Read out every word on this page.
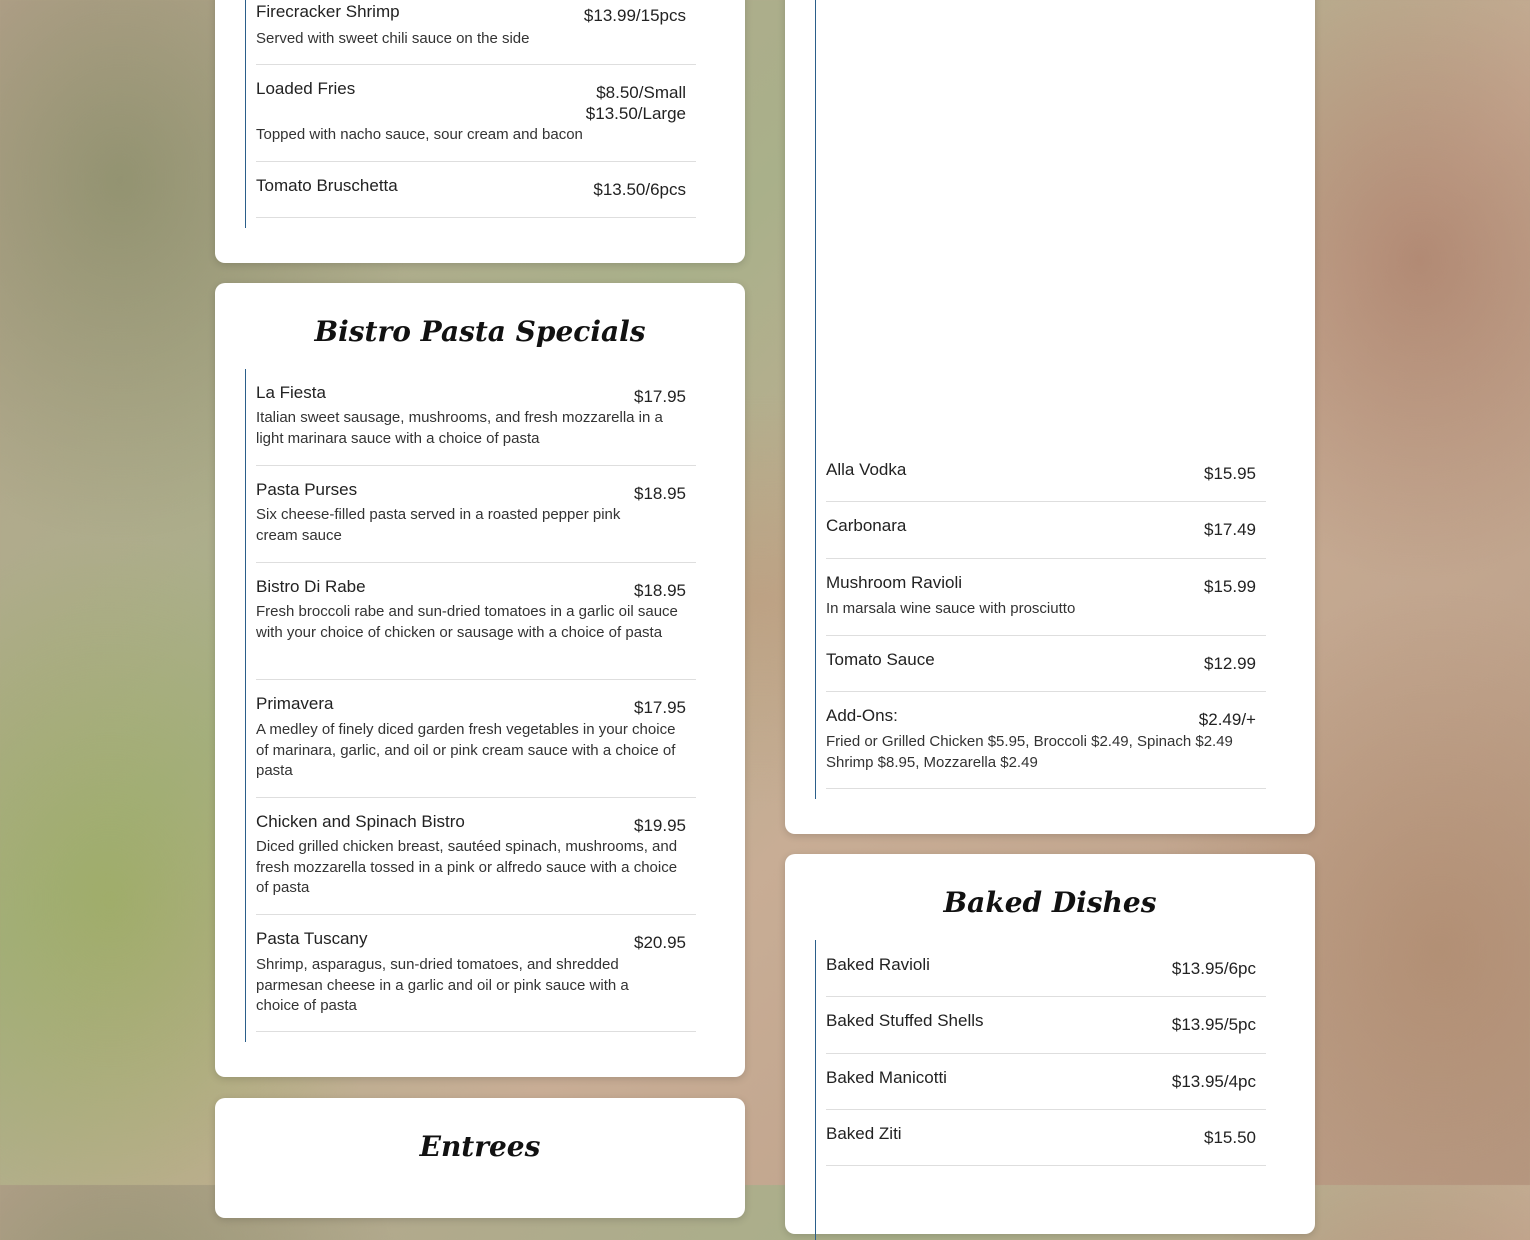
Firecracker Shrimp	$13.99/15pcs
Served with sweet chili sauce on the side
Loaded Fries	$8.50/Small
$13.50/Large
Topped with nacho sauce, sour cream and bacon
Tomato Bruschetta	$13.50/6pcs
Bistro Pasta Specials
La Fiesta	$17.95
Italian sweet sausage, mushrooms, and fresh mozzarella in a light marinara sauce with a choice of pasta
Pasta Purses	$18.95
Six cheese-filled pasta served in a roasted pepper pink cream sauce
Bistro Di Rabe	$18.95
Fresh broccoli rabe and sun-dried tomatoes in a garlic oil sauce with your choice of chicken or sausage with a choice of pasta
Primavera	$17.95
A medley of finely diced garden fresh vegetables in your choice of marinara, garlic, and oil or pink cream sauce with a choice of pasta
Chicken and Spinach Bistro	$19.95
Diced grilled chicken breast, sautéed spinach, mushrooms, and fresh mozzarella tossed in a pink or alfredo sauce with a choice of pasta
Pasta Tuscany	$20.95
Shrimp, asparagus, sun-dried tomatoes, and shredded parmesan cheese in a garlic and oil or pink sauce with a choice of pasta
Entrees
Alla Vodka	$15.95
Carbonara	$17.49
Mushroom Ravioli	$15.99
In marsala wine sauce with prosciutto
Tomato Sauce	$12.99
Add-Ons:	$2.49/+
Fried or Grilled Chicken $5.95, Broccoli $2.49, Spinach $2.49
Shrimp $8.95, Mozzarella $2.49
Baked Dishes
Baked Ravioli	$13.95/6pc
Baked Stuffed Shells	$13.95/5pc
Baked Manicotti	$13.95/4pc
Baked Ziti	$15.50
